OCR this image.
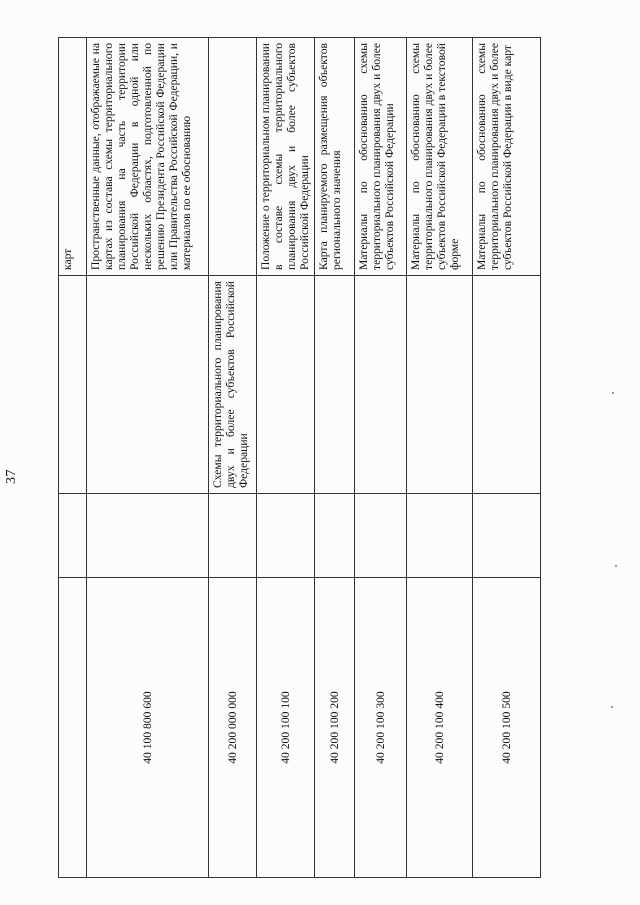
37
			карт
40 100 800 600			Пространственные данные, отображаемые на картах из состава схемы территориального планирования на часть территории Российской Федерации в одной или нескольких областях, подготовленной по решению Президента Российской Федерации или Правительства Российской Федерации, и материалов по ее обоснованию
40 200 000 000		Схемы территориального планирования двух и более субъектов Российской Федерации	
40 200 100 100			Положение о территориальном планировании в составе схемы территориального планирования двух и более субъектов Российской Федерации
40 200 100 200			Карта планируемого размещения объектов регионального значения
40 200 100 300			Материалы по обоснованию схемы территориального планирования двух и более субъектов Российской Федерации
40 200 100 400			Материалы по обоснованию схемы территориального планирования двух и более субъектов Российской Федерации в текстовой форме
40 200 100 500			Материалы по обоснованию схемы территориального планирования двух и более субъектов Российской Федерации в виде карт
